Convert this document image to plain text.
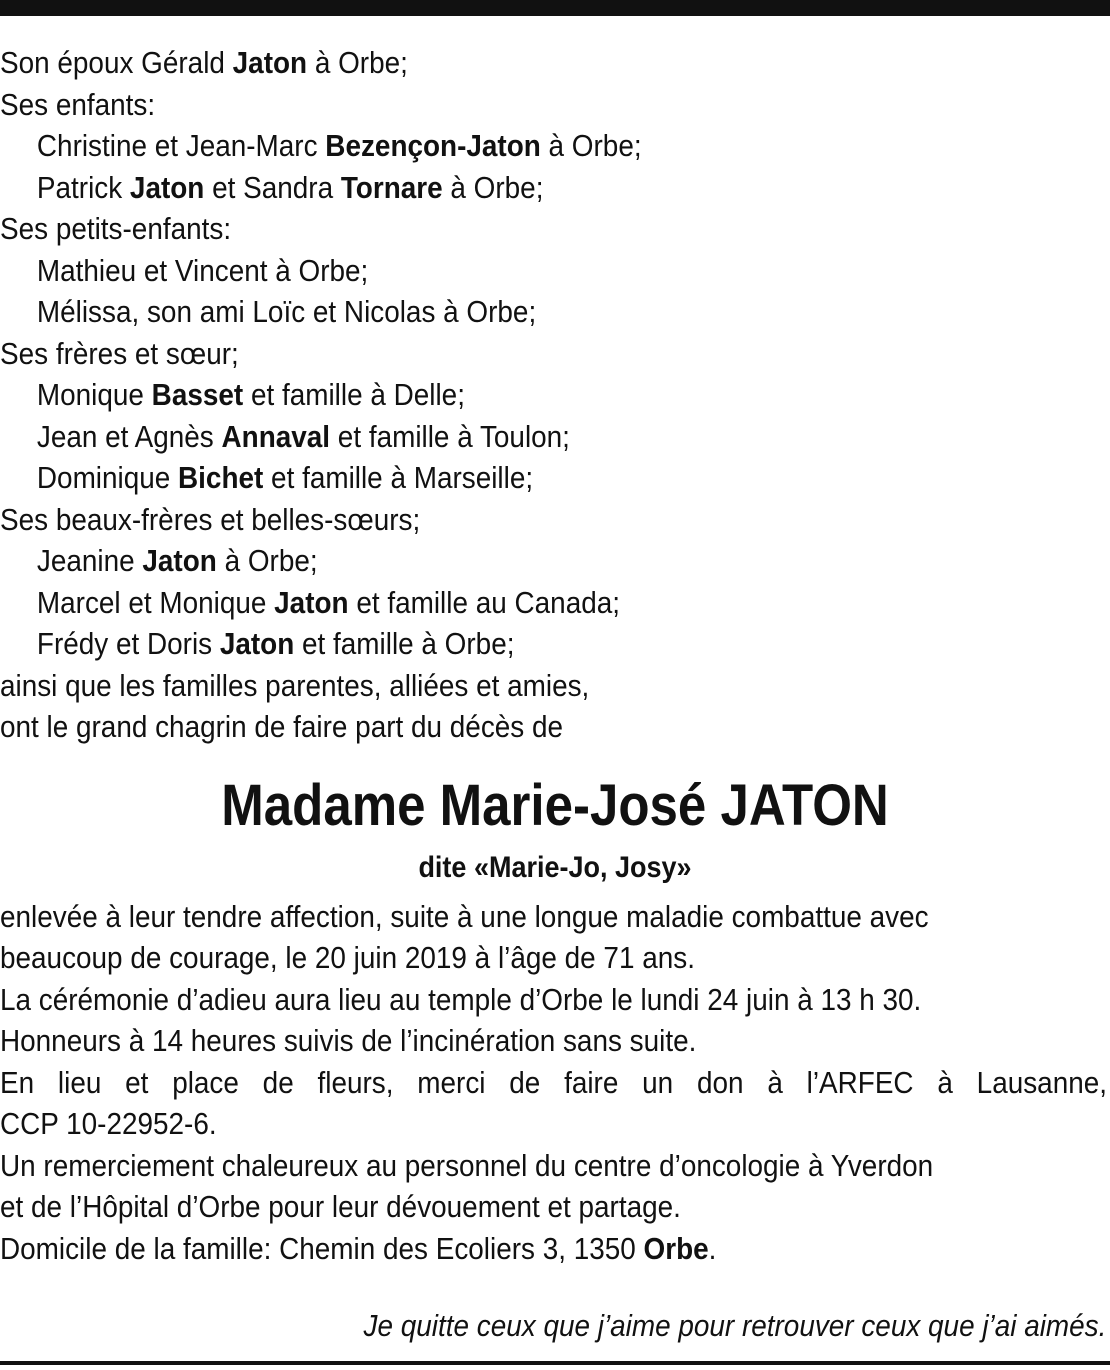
Son époux Gérald Jaton à Orbe;
Ses enfants:
Christine et Jean-Marc Bezençon-Jaton à Orbe;
Patrick Jaton et Sandra Tornare à Orbe;
Ses petits-enfants:
Mathieu et Vincent à Orbe;
Mélissa, son ami Loïc et Nicolas à Orbe;
Ses frères et sœur;
Monique Basset et famille à Delle;
Jean et Agnès Annaval et famille à Toulon;
Dominique Bichet et famille à Marseille;
Ses beaux-frères et belles-sœurs;
Jeanine Jaton à Orbe;
Marcel et Monique Jaton et famille au Canada;
Frédy et Doris Jaton et famille à Orbe;
ainsi que les familles parentes, alliées et amies,
ont le grand chagrin de faire part du décès de
Madame Marie-José JATON
dite «Marie-Jo, Josy»
enlevée à leur tendre affection, suite à une longue maladie combattue avec
beaucoup de courage, le 20 juin 2019 à l’âge de 71 ans.
La cérémonie d’adieu aura lieu au temple d’Orbe le lundi 24 juin à 13 h 30.
Honneurs à 14 heures suivis de l’incinération sans suite.
En lieu et place de fleurs, merci de faire un don à l’ARFEC à Lausanne,
CCP 10-22952-6.
Un remerciement chaleureux au personnel du centre d’oncologie à Yverdon
et de l’Hôpital d’Orbe pour leur dévouement et partage.
Domicile de la famille: Chemin des Ecoliers 3, 1350 Orbe.
Je quitte ceux que j’aime pour retrouver ceux que j’ai aimés.
